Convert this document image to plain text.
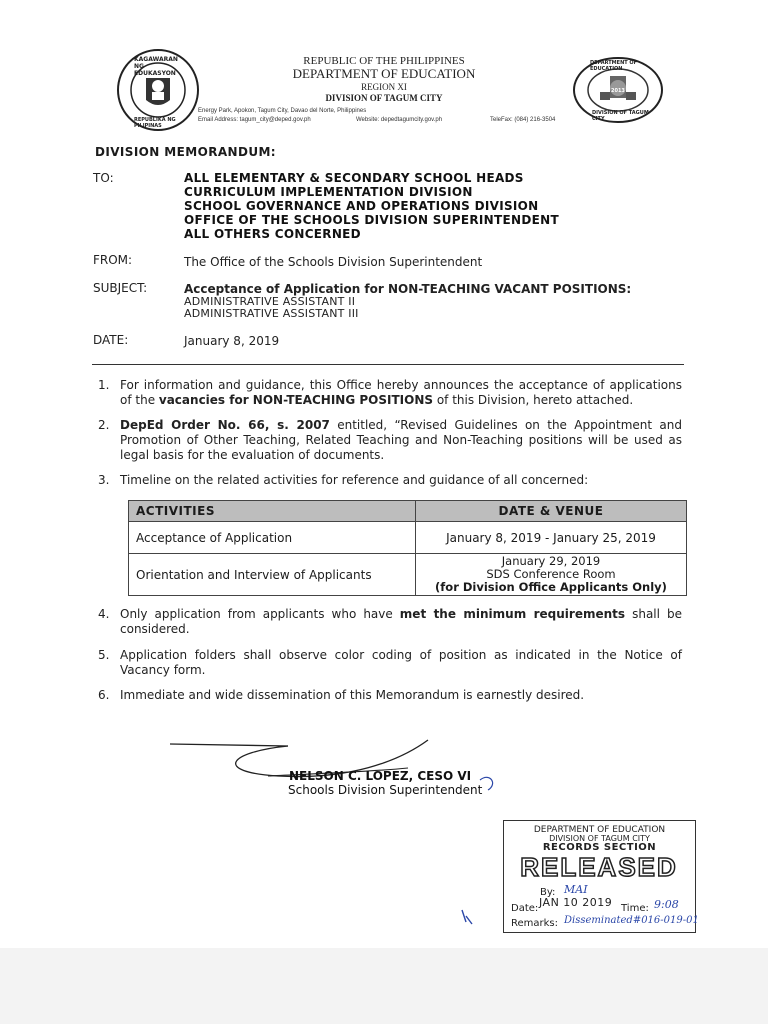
KAGAWARAN NG EDUKASYON
REPUBLIKA NG PILIPINAS
REPUBLIC OF THE PHILIPPINES
DEPARTMENT OF EDUCATION
REGION XI
DIVISION OF TAGUM CITY
Energy Park, Apokon, Tagum City, Davao del Norte, Philippines
Email Address: tagum_city@deped.gov.ph	Website: depedtagumcity.gov.ph	TeleFax: (084) 216-3504
DEPARTMENT OF EDUCATION
2013
DIVISION OF TAGUM CITY
DIVISION MEMORANDUM:
TO:	ALL ELEMENTARY & SECONDARY SCHOOL HEADS
CURRICULUM IMPLEMENTATION DIVISION
SCHOOL GOVERNANCE AND OPERATIONS DIVISION
OFFICE OF THE SCHOOLS DIVISION SUPERINTENDENT
ALL OTHERS CONCERNED
FROM:	The Office of the Schools Division Superintendent
SUBJECT:	Acceptance of Application for NON-TEACHING VACANT POSITIONS:
ADMINISTRATIVE ASSISTANT II
ADMINISTRATIVE ASSISTANT III
DATE:	January 8, 2019
1. For information and guidance, this Office hereby announces the acceptance of applications of the vacancies for NON-TEACHING POSITIONS of this Division, hereto attached.
2. DepEd Order No. 66, s. 2007 entitled, “Revised Guidelines on the Appointment and Promotion of Other Teaching, Related Teaching and Non-Teaching positions will be used as legal basis for the evaluation of documents.
3. Timeline on the related activities for reference and guidance of all concerned:
ACTIVITIES	DATE & VENUE
Acceptance of Application	January 8, 2019 - January 25, 2019
Orientation and Interview of Applicants	January 29, 2019
SDS Conference Room
(for Division Office Applicants Only)
4. Only application from applicants who have met the minimum requirements shall be considered.
5. Application folders shall observe color coding of position as indicated in the Notice of Vacancy form.
6. Immediate and wide dissemination of this Memorandum is earnestly desired.
NELSON C. LOPEZ, CESO VI
Schools Division Superintendent
DEPARTMENT OF EDUCATION
DIVISION OF TAGUM CITY
RECORDS SECTION
RELEASED
By: MAI
Date: JAN 10 2019 Time: 9:08
Remarks: Disseminated#016-019-01
